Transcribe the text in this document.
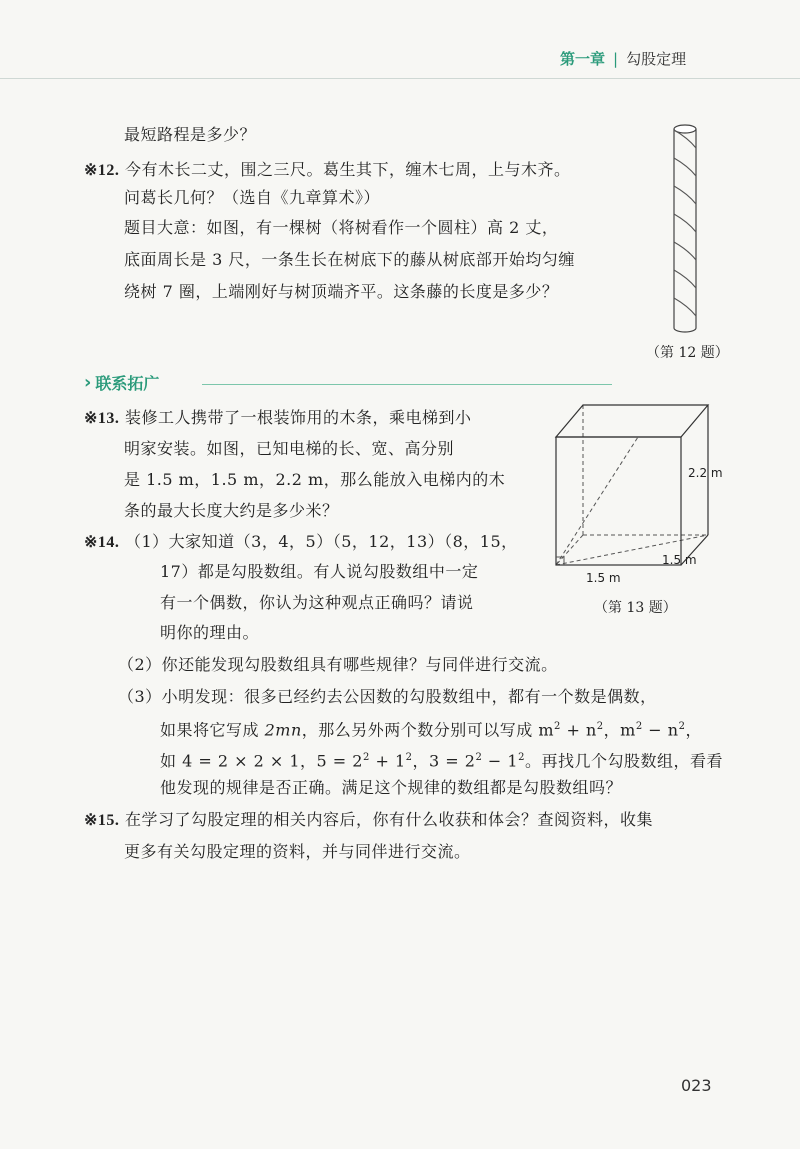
第一章 | 勾股定理
最短路程是多少？
※12. 今有木长二丈，围之三尺。葛生其下，缠木七周，上与木齐。
问葛长几何？（选自《九章算术》）
题目大意：如图，有一棵树（将树看作一个圆柱）高 2 丈，
底面周长是 3 尺，一条生长在树底下的藤从树底部开始均匀缠
绕树 7 圈，上端刚好与树顶端齐平。这条藤的长度是多少？
（第 12 题）
› 联系拓广
※13. 装修工人携带了一根装饰用的木条，乘电梯到小
明家安装。如图，已知电梯的长、宽、高分别
是 1.5 m，1.5 m，2.2 m，那么能放入电梯内的木
条的最大长度大约是多少米？
2.2 m
1.5 m
1.5 m
（第 13 题）
※14. （1）大家知道（3，4，5）（5，12，13）（8，15，
17）都是勾股数组。有人说勾股数组中一定
有一个偶数，你认为这种观点正确吗？请说
明你的理由。
（2）你还能发现勾股数组具有哪些规律？与同伴进行交流。
（3）小明发现：很多已经约去公因数的勾股数组中，都有一个数是偶数，
如果将它写成 2mn，那么另外两个数分别可以写成 $m^2 + n^2$，$m^2 - n^2$，
如 4 = 2 × 2 × 1，$5 = 2^2 + 1^2$，$3 = 2^2 - 1^2$。再找几个勾股数组，看看
他发现的规律是否正确。满足这个规律的数组都是勾股数组吗？
※15. 在学习了勾股定理的相关内容后，你有什么收获和体会？查阅资料，收集
更多有关勾股定理的资料，并与同伴进行交流。
023
